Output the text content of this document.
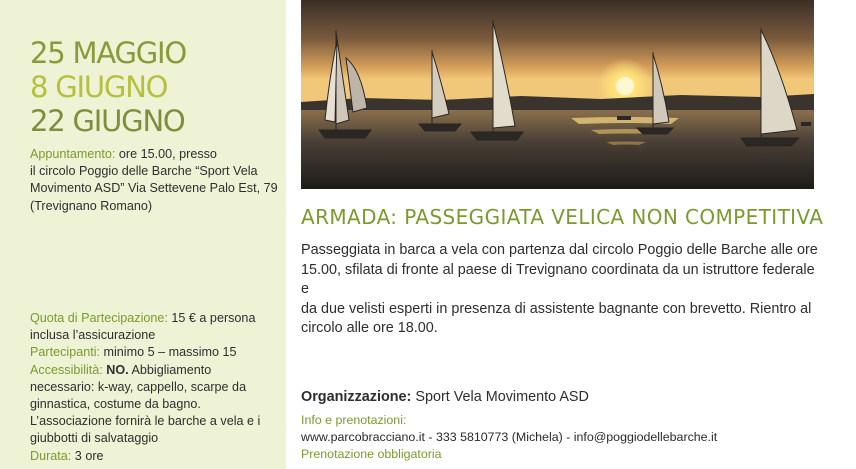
25 MAGGIO
8 GIUGNO
22 GIUGNO
Appuntamento: ore 15.00, presso
il circolo Poggio delle Barche “Sport Vela
Movimento ASD” Via Settevene Palo Est, 79
(Trevignano Romano)
Quota di Partecipazione: 15 € a persona
inclusa l’assicurazione
Partecipanti: minimo 5 – massimo 15
Accessibilità: NO. Abbigliamento
necessario: k-way, cappello, scarpe da
ginnastica, costume da bagno.
L’associazione fornirà le barche a vela e i
giubbotti di salvataggio
Durata: 3 ore
ARMADA: PASSEGGIATA VELICA NON COMPETITIVA
Passeggiata in barca a vela con partenza dal circolo Poggio delle Barche alle ore
15.00, sfilata di fronte al paese di Trevignano coordinata da un istruttore federale e
da due velisti esperti in presenza di assistente bagnante con brevetto. Rientro al
circolo alle ore 18.00.
Organizzazione: Sport Vela Movimento ASD
Info e prenotazioni:
www.parcobracciano.it - 333 5810773 (Michela) - info@poggiodellebarche.it
Prenotazione obbligatoria
